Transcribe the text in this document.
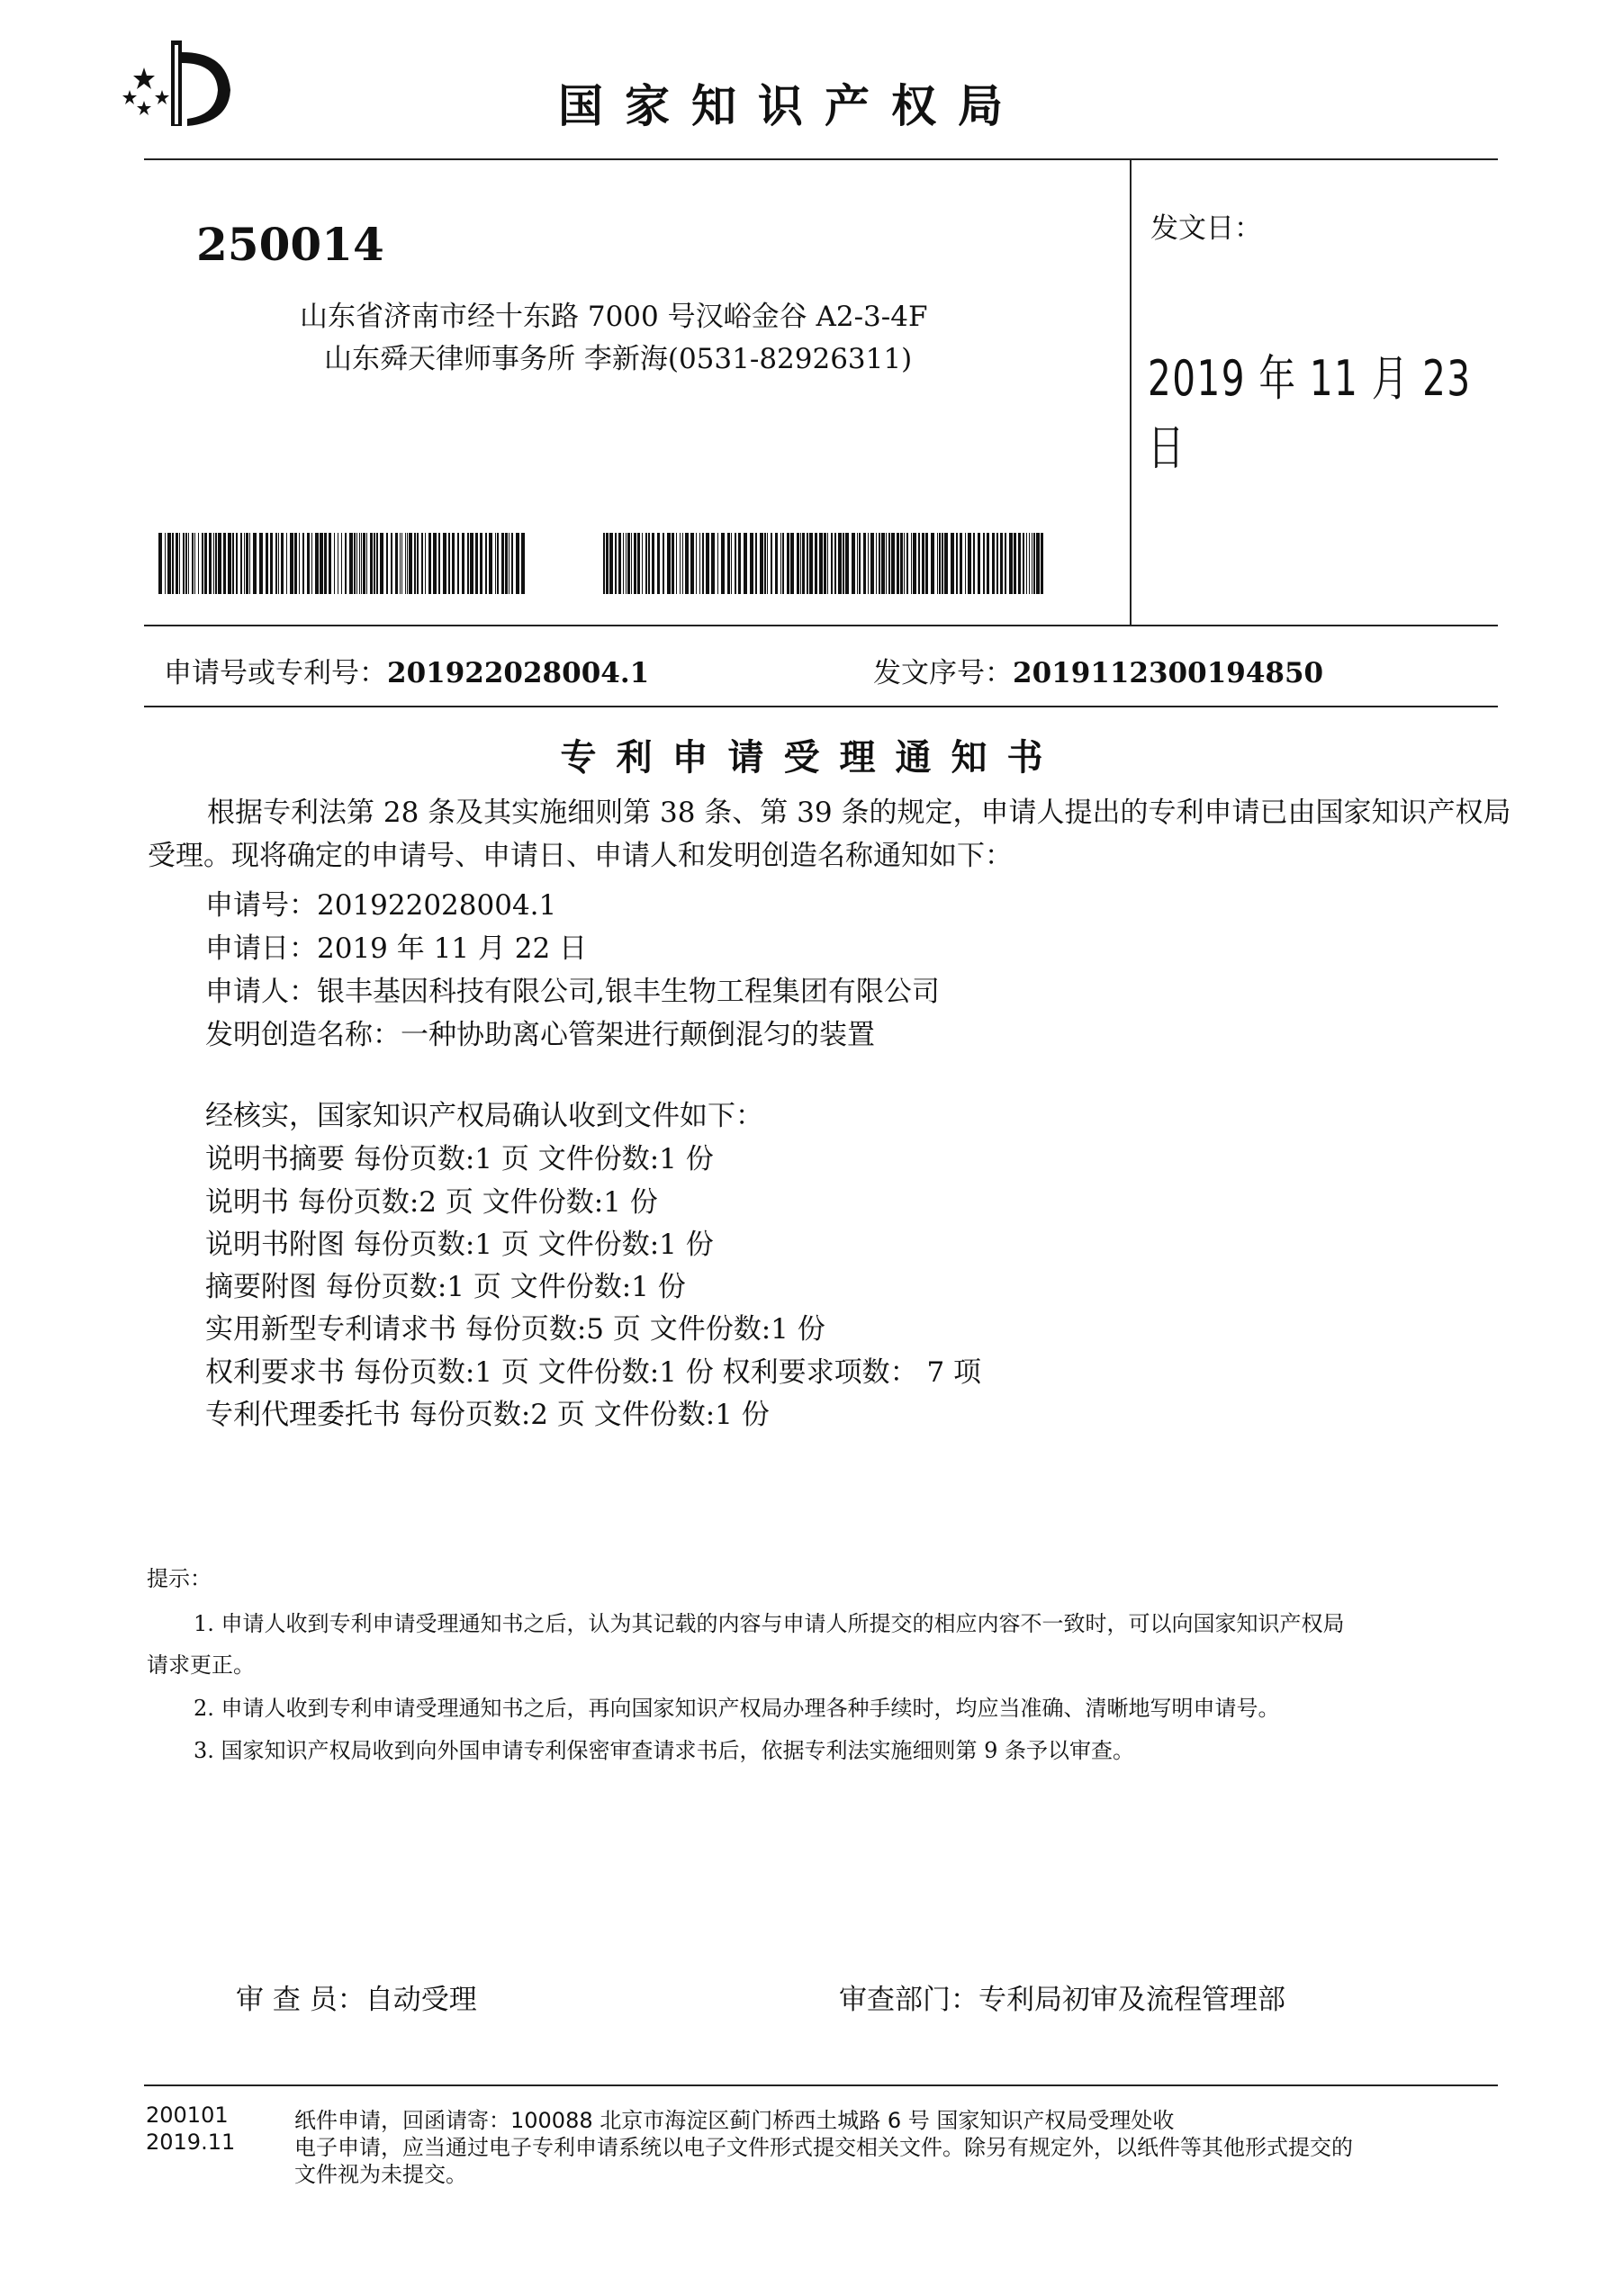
国家知识产权局
250014
山东省济南市经十东路 7000 号汉峪金谷 A2-3-4F
山东舜天律师事务所 李新海(0531-82926311)
发文日：
2019 年 11 月 23 日
申请号或专利号：201922028004.1	发文序号：2019112300194850
专利申请受理通知书
根据专利法第 28 条及其实施细则第 38 条、第 39 条的规定，申请人提出的专利申请已由国家知识产权局
受理。现将确定的申请号、申请日、申请人和发明创造名称通知如下：
申请号：201922028004.1
申请日：2019 年 11 月 22 日
申请人：银丰基因科技有限公司,银丰生物工程集团有限公司
发明创造名称：一种协助离心管架进行颠倒混匀的装置
经核实，国家知识产权局确认收到文件如下：
说明书摘要 每份页数:1 页 文件份数:1 份
说明书 每份页数:2 页 文件份数:1 份
说明书附图 每份页数:1 页 文件份数:1 份
摘要附图 每份页数:1 页 文件份数:1 份
实用新型专利请求书 每份页数:5 页 文件份数:1 份
权利要求书 每份页数:1 页 文件份数:1 份 权利要求项数： 7 项
专利代理委托书 每份页数:2 页 文件份数:1 份
提示：
1. 申请人收到专利申请受理通知书之后，认为其记载的内容与申请人所提交的相应内容不一致时，可以向国家知识产权局
请求更正。
2. 申请人收到专利申请受理通知书之后，再向国家知识产权局办理各种手续时，均应当准确、清晰地写明申请号。
3. 国家知识产权局收到向外国申请专利保密审查请求书后，依据专利法实施细则第 9 条予以审查。
审 查 员：自动受理	审查部门：专利局初审及流程管理部
200101
2019.11
纸件申请，回函请寄：100088 北京市海淀区蓟门桥西土城路 6 号 国家知识产权局受理处收
电子申请，应当通过电子专利申请系统以电子文件形式提交相关文件。除另有规定外，以纸件等其他形式提交的
文件视为未提交。
